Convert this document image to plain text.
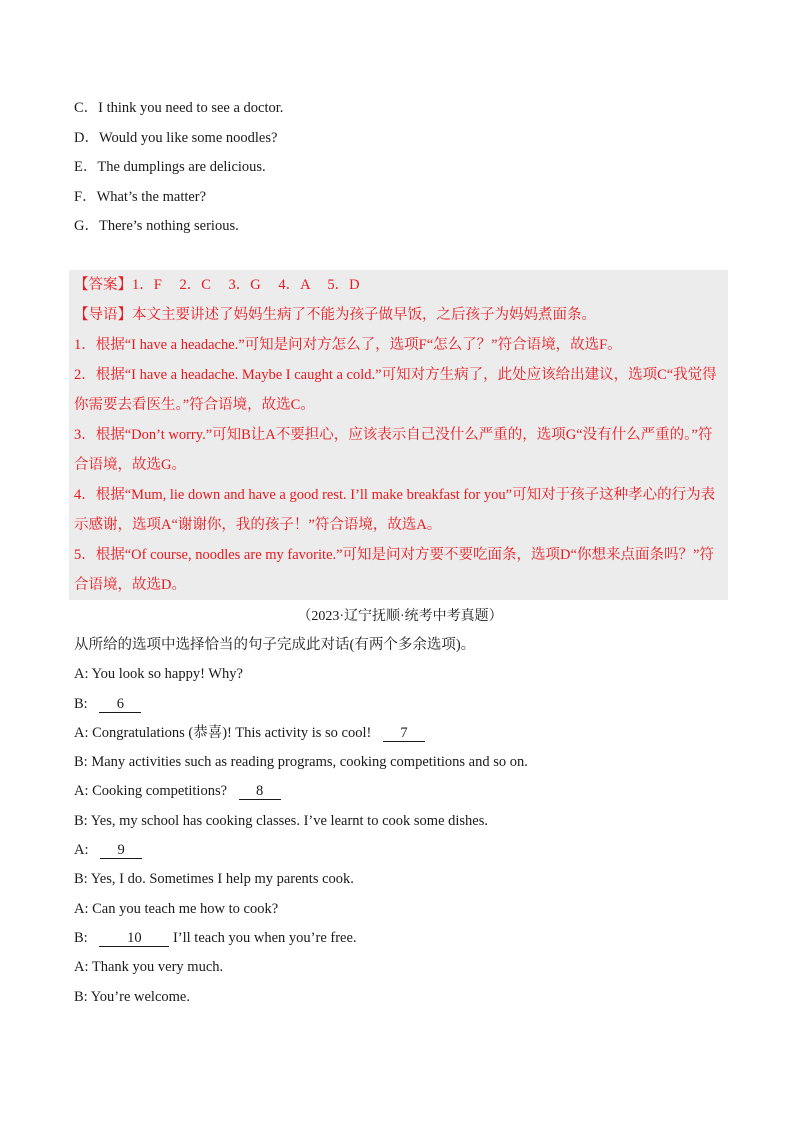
C．I think you need to see a doctor.
D．Would you like some noodles?
E．The dumplings are delicious.
F．What’s the matter?
G．There’s nothing serious.
【答案】1．F 2．C 3．G 4．A 5．D
【导语】本文主要讲述了妈妈生病了不能为孩子做早饭，之后孩子为妈妈煮面条。
1．根据“I have a headache.”可知是问对方怎么了，选项F“怎么了？”符合语境，故选F。
2．根据“I have a headache. Maybe I caught a cold.”可知对方生病了，此处应该给出建议，选项C“我觉得你需要去看医生。”符合语境，故选C。
3．根据“Don’t worry.”可知B让A不要担心，应该表示自己没什么严重的，选项G“没有什么严重的。”符合语境，故选G。
4．根据“Mum, lie down and have a good rest. I’ll make breakfast for you”可知对于孩子这种孝心的行为表示感谢，选项A“谢谢你，我的孩子！”符合语境，故选A。
5．根据“Of course, noodles are my favorite.”可知是问对方要不要吃面条，选项D“你想来点面条吗？”符合语境，故选D。
（2023·辽宁抚顺·统考中考真题）
从所给的选项中选择恰当的句子完成此对话(有两个多余选项)。
A: You look so happy! Why?
B: 6
A: Congratulations (恭喜)! This activity is so cool! 7
B: Many activities such as reading programs, cooking competitions and so on.
A: Cooking competitions? 8
B: Yes, my school has cooking classes. I’ve learnt to cook some dishes.
A: 9
B: Yes, I do. Sometimes I help my parents cook.
A: Can you teach me how to cook?
B: 10 I’ll teach you when you’re free.
A: Thank you very much.
B: You’re welcome.
